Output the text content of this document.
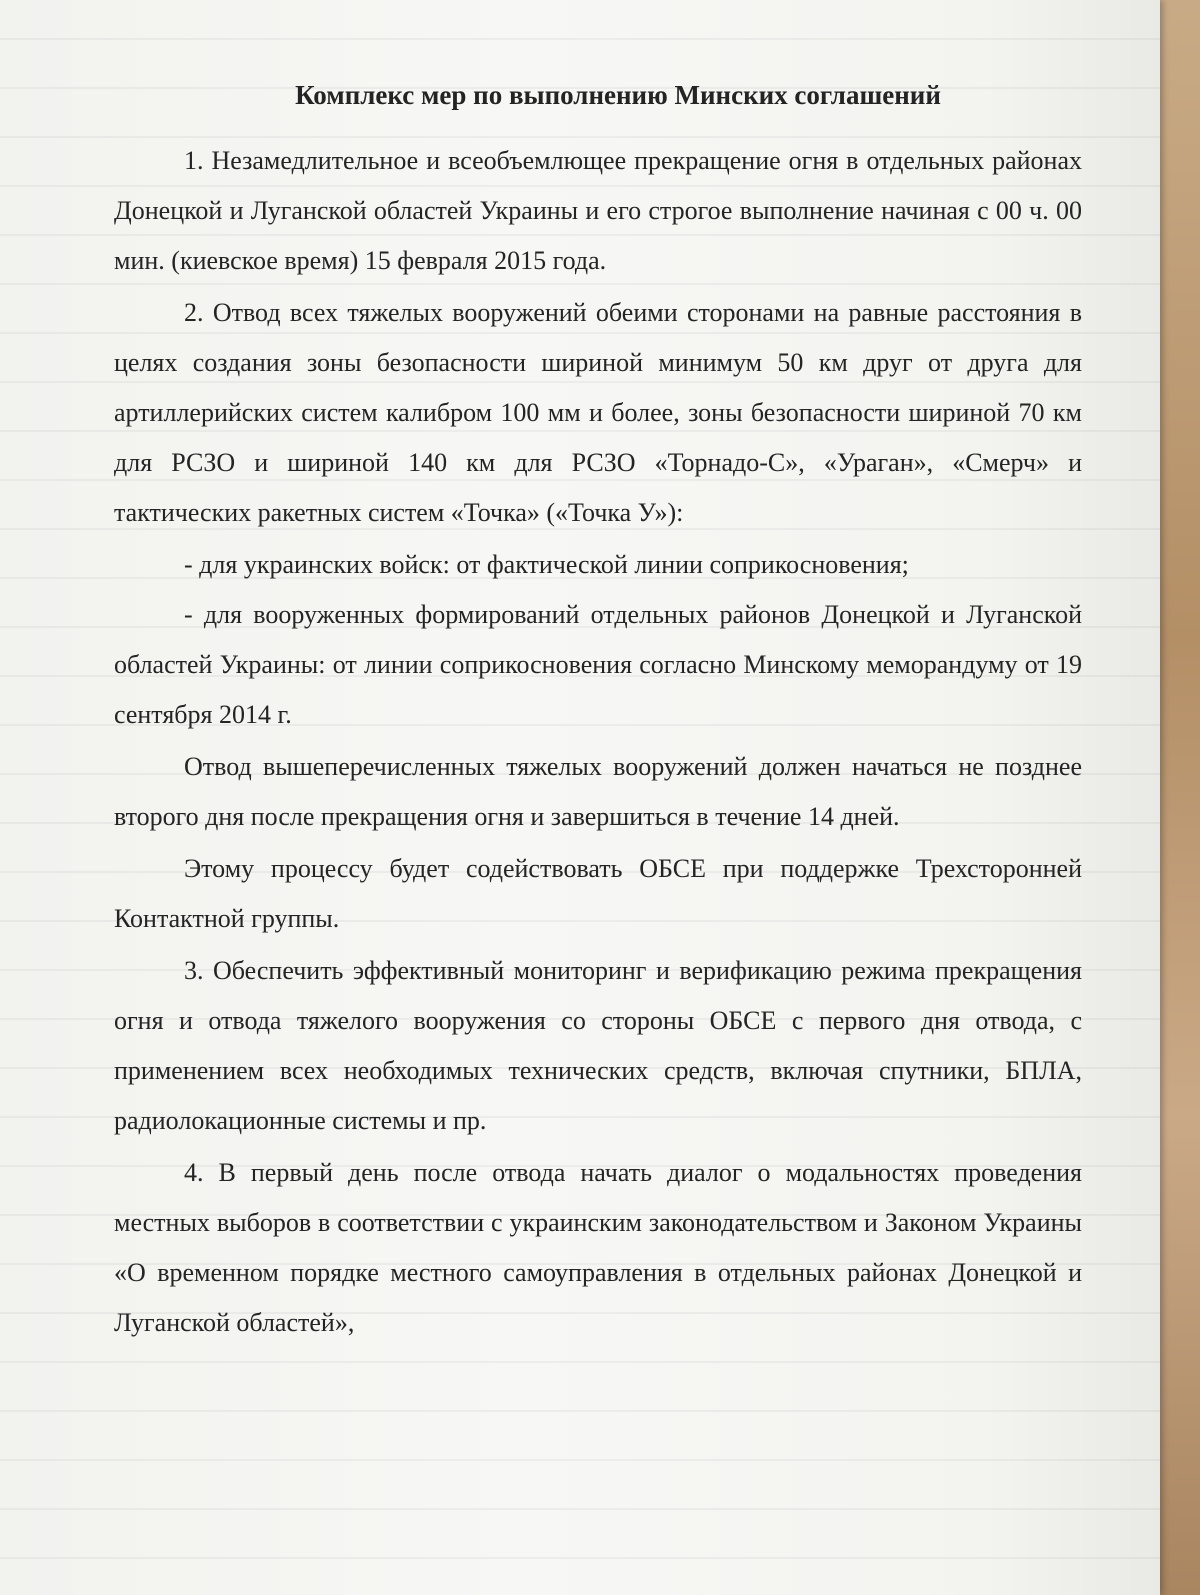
Комплекс мер по выполнению Минских соглашений

1. Незамедлительное и всеобъемлющее прекращение огня в отдельных районах Донецкой и Луганской областей Украины и его строгое выполнение начиная с 00 ч. 00 мин. (киевское время) 15 февраля 2015 года.

2. Отвод всех тяжелых вооружений обеими сторонами на равные расстояния в целях создания зоны безопасности шириной минимум 50 км друг от друга для артиллерийских систем калибром 100 мм и более, зоны безопасности шириной 70 км для РСЗО и шириной 140 км для РСЗО «Торнадо-С», «Ураган», «Смерч» и тактических ракетных систем «Точка» («Точка У»):

- для украинских войск: от фактической линии соприкосновения;

- для вооруженных формирований отдельных районов Донецкой и Луганской областей Украины: от линии соприкосновения согласно Минскому меморандуму от 19 сентября 2014 г.

Отвод вышеперечисленных тяжелых вооружений должен начаться не позднее второго дня после прекращения огня и завершиться в течение 14 дней.

Этому процессу будет содействовать ОБСЕ при поддержке Трехсторонней Контактной группы.

3. Обеспечить эффективный мониторинг и верификацию режима прекращения огня и отвода тяжелого вооружения со стороны ОБСЕ с первого дня отвода, с применением всех необходимых технических средств, включая спутники, БПЛА, радиолокационные системы и пр.

4. В первый день после отвода начать диалог о модальностях проведения местных выборов в соответствии с украинским законодательством и Законом Украины «О временном порядке местного самоуправления в отдельных районах Донецкой и Луганской областей»,
